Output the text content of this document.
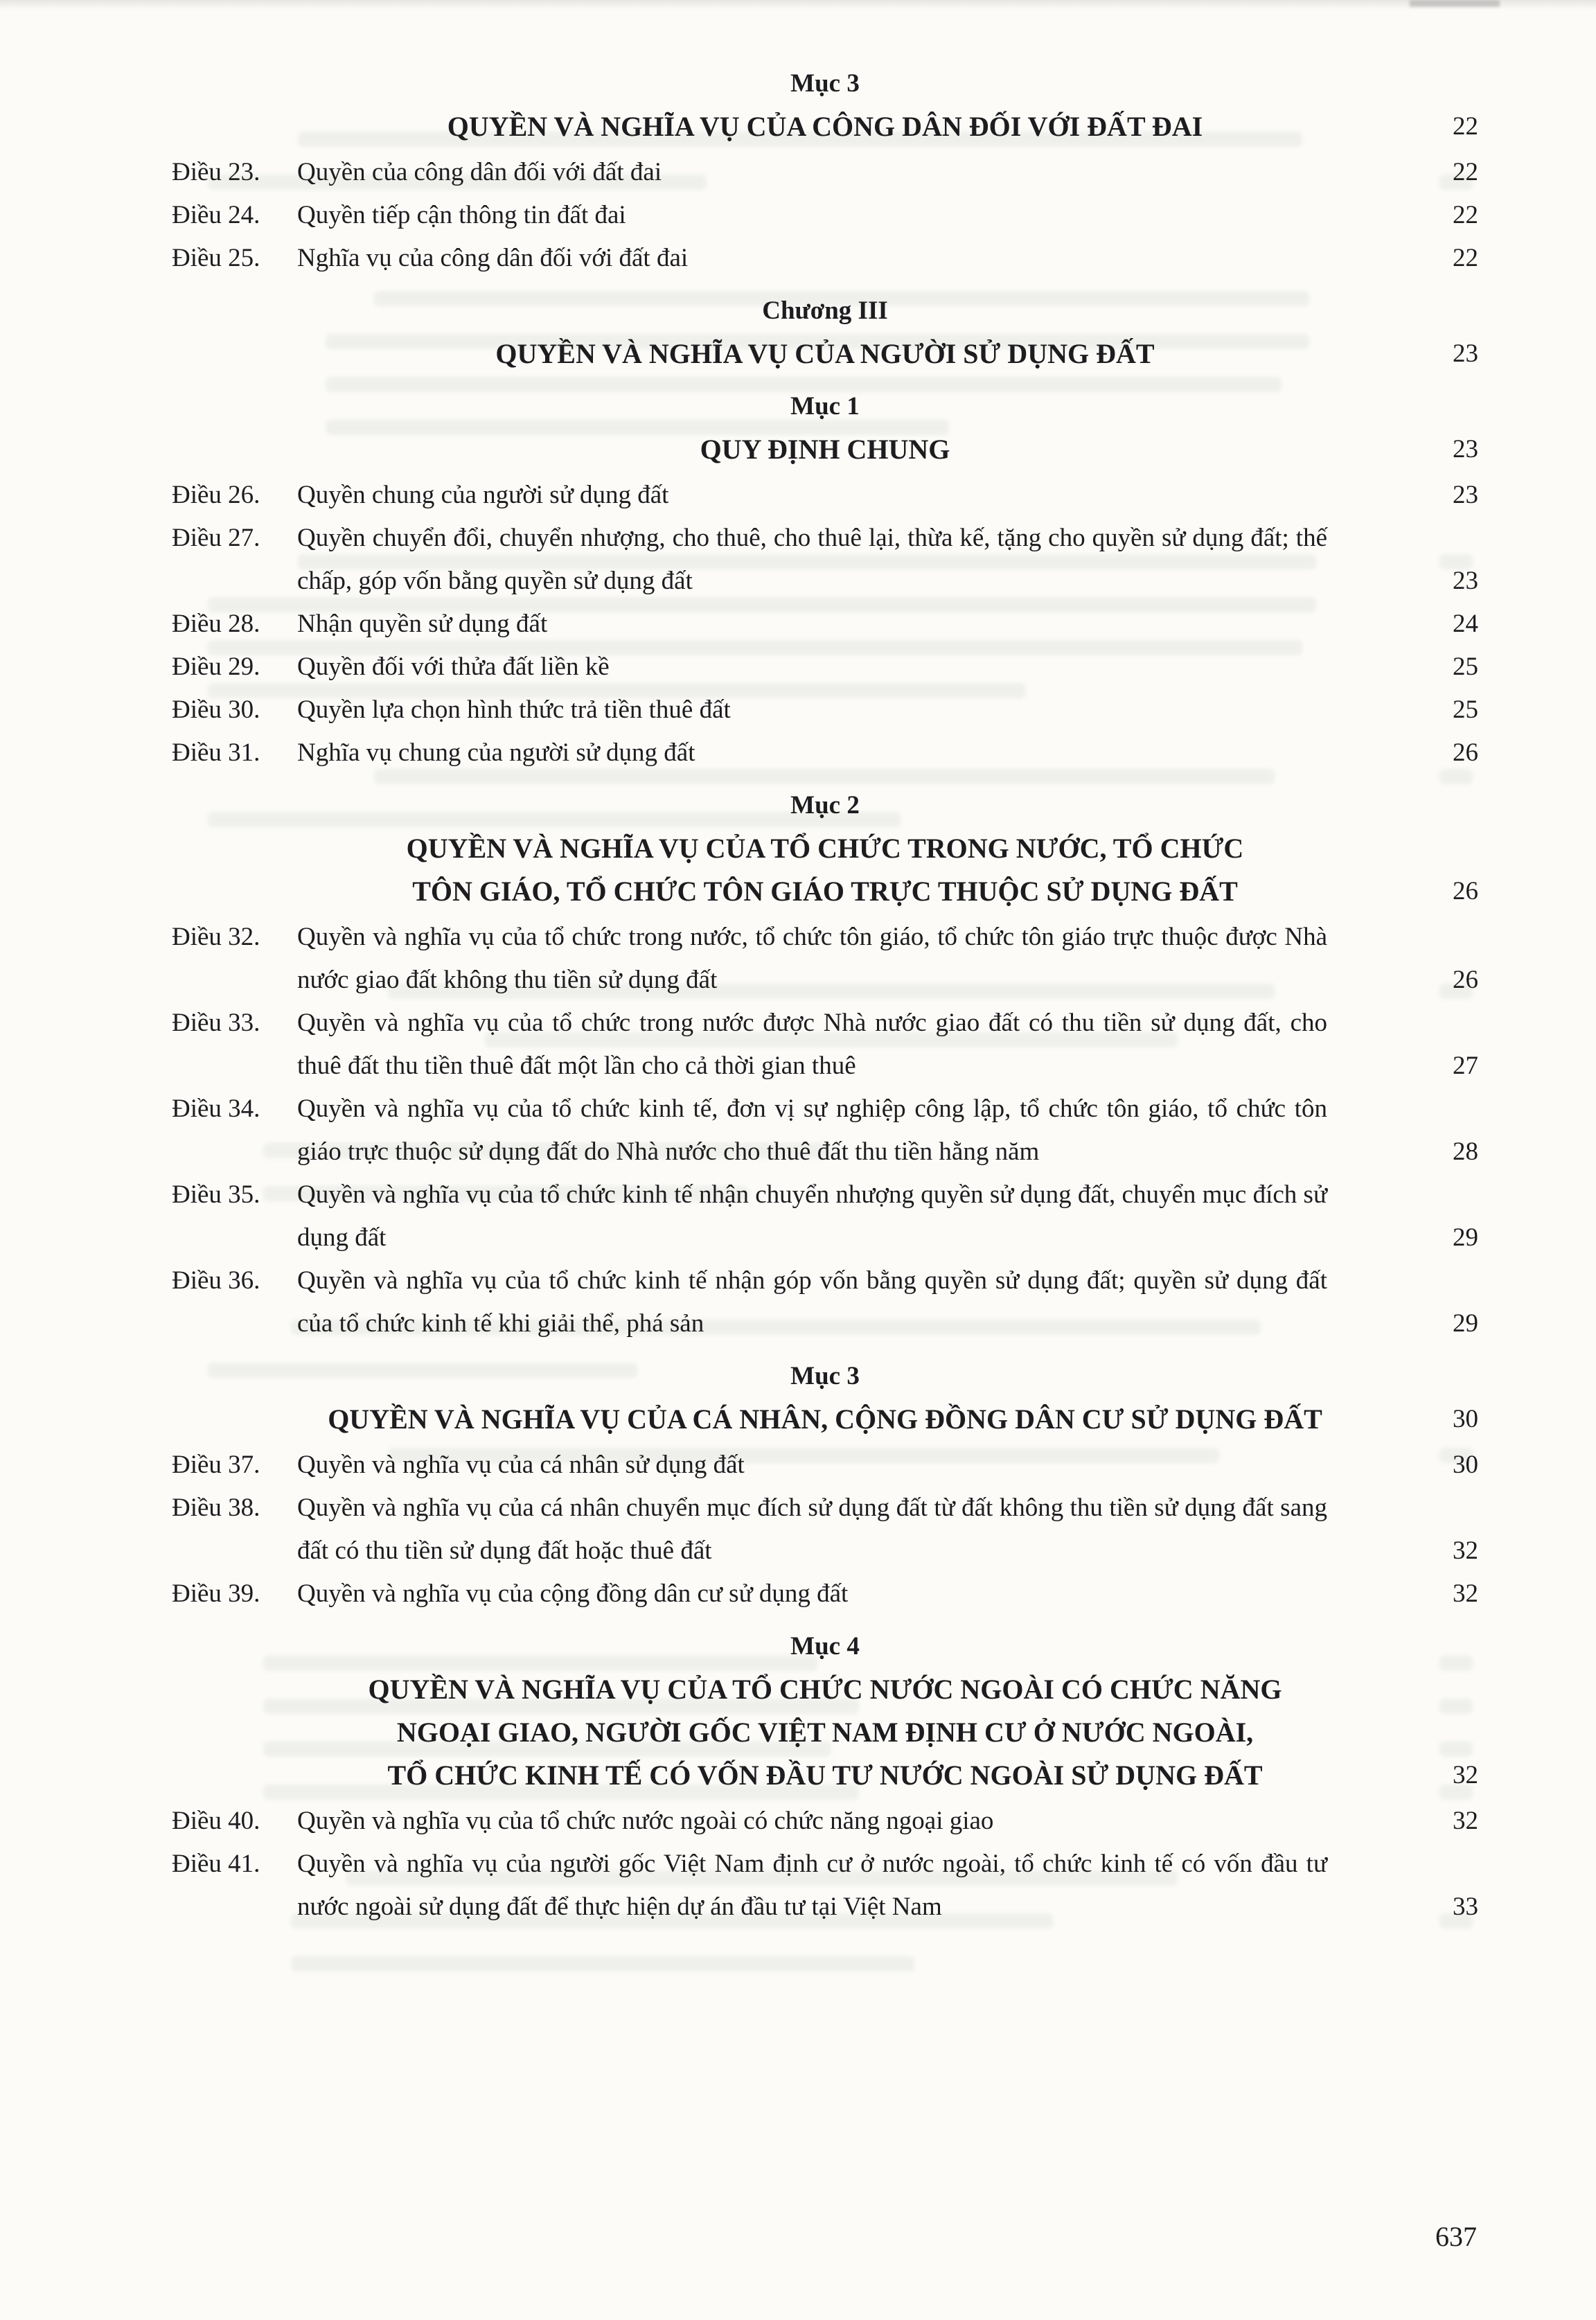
Mục 3
QUYỀN VÀ NGHĨA VỤ CỦA CÔNG DÂN ĐỐI VỚI ĐẤT ĐAI	22
Điều 23. Quyền của công dân đối với đất đai	22
Điều 24. Quyền tiếp cận thông tin đất đai	22
Điều 25. Nghĩa vụ của công dân đối với đất đai	22
Chương III
QUYỀN VÀ NGHĨA VỤ CỦA NGƯỜI SỬ DỤNG ĐẤT	23
Mục 1
QUY ĐỊNH CHUNG	23
Điều 26. Quyền chung của người sử dụng đất	23
Điều 27. Quyền chuyển đổi, chuyển nhượng, cho thuê, cho thuê lại, thừa kế, tặng cho quyền sử dụng đất; thế chấp, góp vốn bằng quyền sử dụng đất	23
Điều 28. Nhận quyền sử dụng đất	24
Điều 29. Quyền đối với thửa đất liền kề	25
Điều 30. Quyền lựa chọn hình thức trả tiền thuê đất	25
Điều 31. Nghĩa vụ chung của người sử dụng đất	26
Mục 2
QUYỀN VÀ NGHĨA VỤ CỦA TỔ CHỨC TRONG NƯỚC, TỔ CHỨC
TÔN GIÁO, TỔ CHỨC TÔN GIÁO TRỰC THUỘC SỬ DỤNG ĐẤT	26
Điều 32. Quyền và nghĩa vụ của tổ chức trong nước, tổ chức tôn giáo, tổ chức tôn giáo trực thuộc được Nhà nước giao đất không thu tiền sử dụng đất	26
Điều 33. Quyền và nghĩa vụ của tổ chức trong nước được Nhà nước giao đất có thu tiền sử dụng đất, cho thuê đất thu tiền thuê đất một lần cho cả thời gian thuê	27
Điều 34. Quyền và nghĩa vụ của tổ chức kinh tế, đơn vị sự nghiệp công lập, tổ chức tôn giáo, tổ chức tôn giáo trực thuộc sử dụng đất do Nhà nước cho thuê đất thu tiền hằng năm	28
Điều 35. Quyền và nghĩa vụ của tổ chức kinh tế nhận chuyển nhượng quyền sử dụng đất, chuyển mục đích sử dụng đất	29
Điều 36. Quyền và nghĩa vụ của tổ chức kinh tế nhận góp vốn bằng quyền sử dụng đất; quyền sử dụng đất của tổ chức kinh tế khi giải thể, phá sản	29
Mục 3
QUYỀN VÀ NGHĨA VỤ CỦA CÁ NHÂN, CỘNG ĐỒNG DÂN CƯ SỬ DỤNG ĐẤT	30
Điều 37. Quyền và nghĩa vụ của cá nhân sử dụng đất	30
Điều 38. Quyền và nghĩa vụ của cá nhân chuyển mục đích sử dụng đất từ đất không thu tiền sử dụng đất sang đất có thu tiền sử dụng đất hoặc thuê đất	32
Điều 39. Quyền và nghĩa vụ của cộng đồng dân cư sử dụng đất	32
Mục 4
QUYỀN VÀ NGHĨA VỤ CỦA TỔ CHỨC NƯỚC NGOÀI CÓ CHỨC NĂNG
NGOẠI GIAO, NGƯỜI GỐC VIỆT NAM ĐỊNH CƯ Ở NƯỚC NGOÀI,
TỔ CHỨC KINH TẾ CÓ VỐN ĐẦU TƯ NƯỚC NGOÀI SỬ DỤNG ĐẤT	32
Điều 40. Quyền và nghĩa vụ của tổ chức nước ngoài có chức năng ngoại giao	32
Điều 41. Quyền và nghĩa vụ của người gốc Việt Nam định cư ở nước ngoài, tổ chức kinh tế có vốn đầu tư nước ngoài sử dụng đất để thực hiện dự án đầu tư tại Việt Nam	33
637
